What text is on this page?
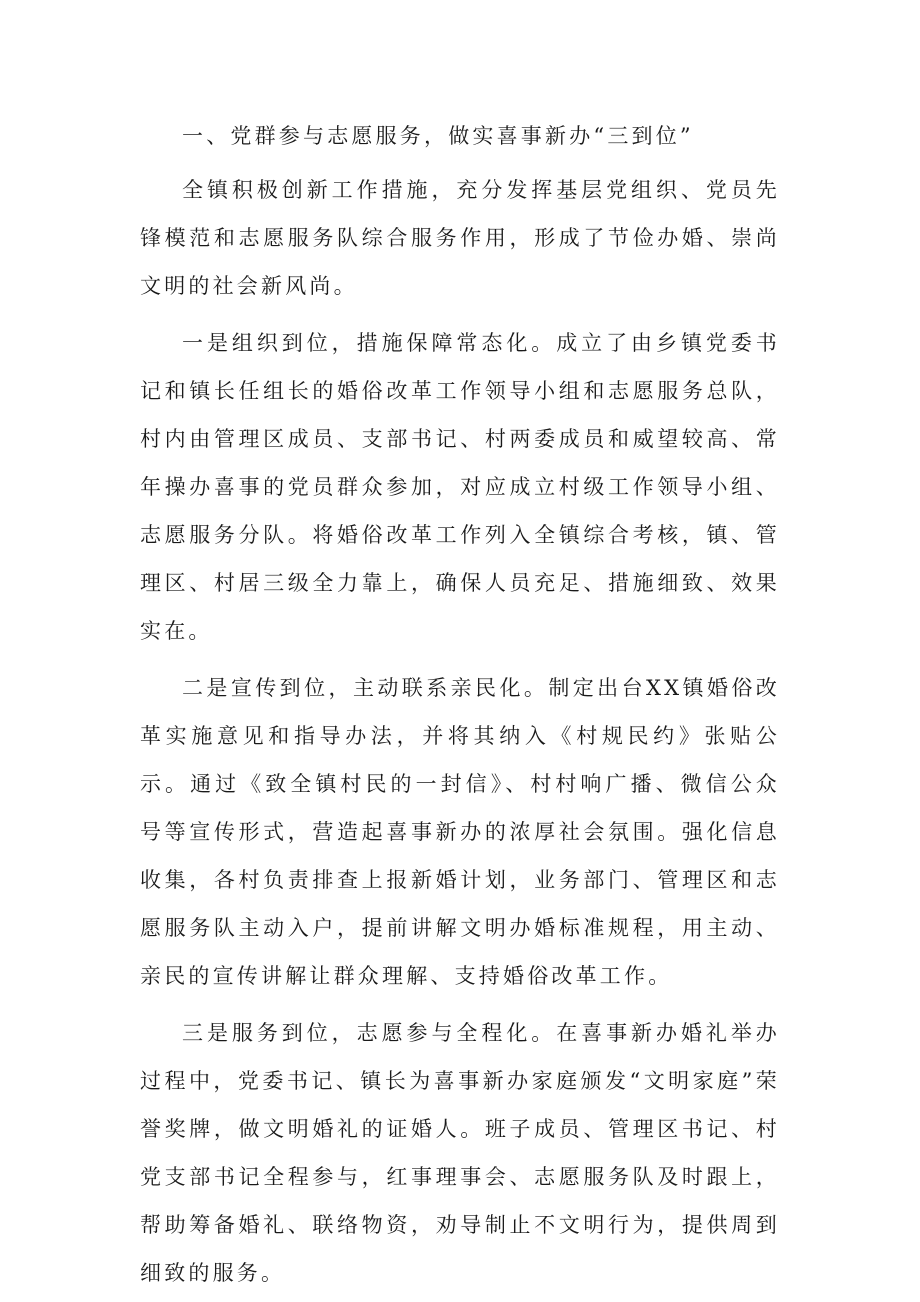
一、党群参与志愿服务，做实喜事新办“三到位”

全镇积极创新工作措施，充分发挥基层党组织、党员先锋模范和志愿服务队综合服务作用，形成了节俭办婚、崇尚文明的社会新风尚。

一是组织到位，措施保障常态化。成立了由乡镇党委书记和镇长任组长的婚俗改革工作领导小组和志愿服务总队，村内由管理区成员、支部书记、村两委成员和威望较高、常年操办喜事的党员群众参加，对应成立村级工作领导小组、志愿服务分队。将婚俗改革工作列入全镇综合考核，镇、管理区、村居三级全力靠上，确保人员充足、措施细致、效果实在。

二是宣传到位，主动联系亲民化。制定出台XX镇婚俗改革实施意见和指导办法，并将其纳入《村规民约》张贴公示。通过《致全镇村民的一封信》、村村响广播、微信公众号等宣传形式，营造起喜事新办的浓厚社会氛围。强化信息收集，各村负责排查上报新婚计划，业务部门、管理区和志愿服务队主动入户，提前讲解文明办婚标准规程，用主动、亲民的宣传讲解让群众理解、支持婚俗改革工作。

三是服务到位，志愿参与全程化。在喜事新办婚礼举办过程中，党委书记、镇长为喜事新办家庭颁发“文明家庭”荣誉奖牌，做文明婚礼的证婚人。班子成员、管理区书记、村党支部书记全程参与，红事理事会、志愿服务队及时跟上，帮助筹备婚礼、联络物资，劝导制止不文明行为，提供周到细致的服务。
